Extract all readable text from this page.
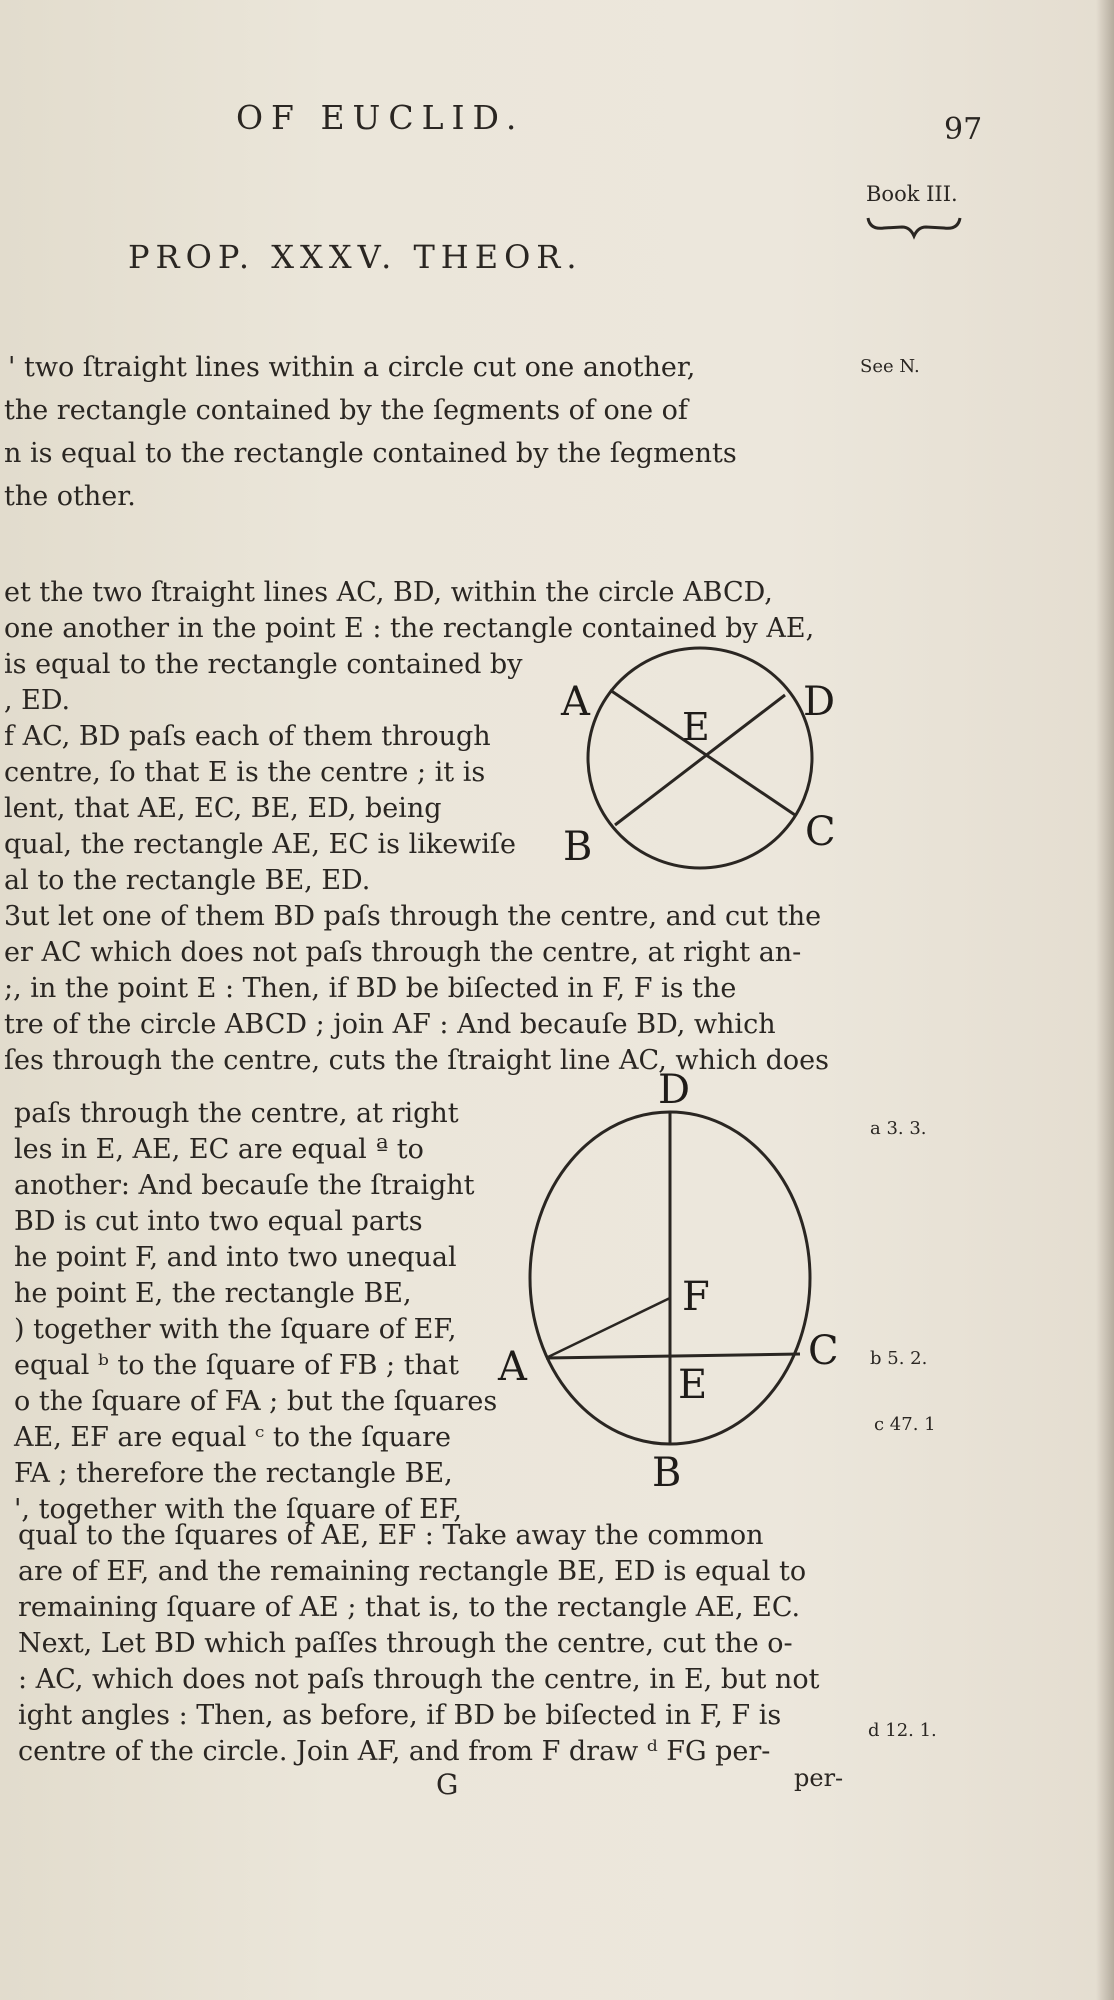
OF EUCLID.	97
Book III.
PROP. XXXV. THEOR.
See N.
' two ſtraight lines within a circle cut one another,
the rectangle contained by the ſegments of one of
n is equal to the rectangle contained by the ſegments
the other.
et the two ſtraight lines AC, BD, within the circle ABCD,
one another in the point E : the rectangle contained by AE,
is equal to the rectangle contained by
, ED.
f AC, BD paſs each of them through
centre, ſo that E is the centre ; it is
lent, that AE, EC, BE, ED, being
qual, the rectangle AE, EC is likewiſe
al to the rectangle BE, ED.
3ut let one of them BD paſs through the centre, and cut the
er AC which does not paſs through the centre, at right an-
;, in the point E : Then, if BD be biſected in F, F is the
tre of the circle ABCD ; join AF : And becauſe BD, which
ſes through the centre, cuts the ſtraight line AC, which does
A	D
E
B	C
a 3. 3.
paſs through the centre, at right
les in E, AE, EC are equal ª to
another: And becauſe the ſtraight
BD is cut into two equal parts
he point F, and into two unequal
he point E, the rectangle BE,
) together with the ſquare of EF,
equal ᵇ to the ſquare of FB ; that
o the ſquare of FA ; but the ſquares
AE, EF are equal ᶜ to the ſquare
FA ; therefore the rectangle BE,
', together with the ſquare of EF,
b 5. 2.
c 47. 1
D
F
A	C
E
B
qual to the ſquares of AE, EF : Take away the common
are of EF, and the remaining rectangle BE, ED is equal to
remaining ſquare of AE ; that is, to the rectangle AE, EC.
Next, Let BD which paſſes through the centre, cut the o-
: AC, which does not paſs through the centre, in E, but not
ight angles : Then, as before, if BD be biſected in F, F is
centre of the circle. Join AF, and from F draw ᵈ FG per-
d 12. 1.
G	per-
